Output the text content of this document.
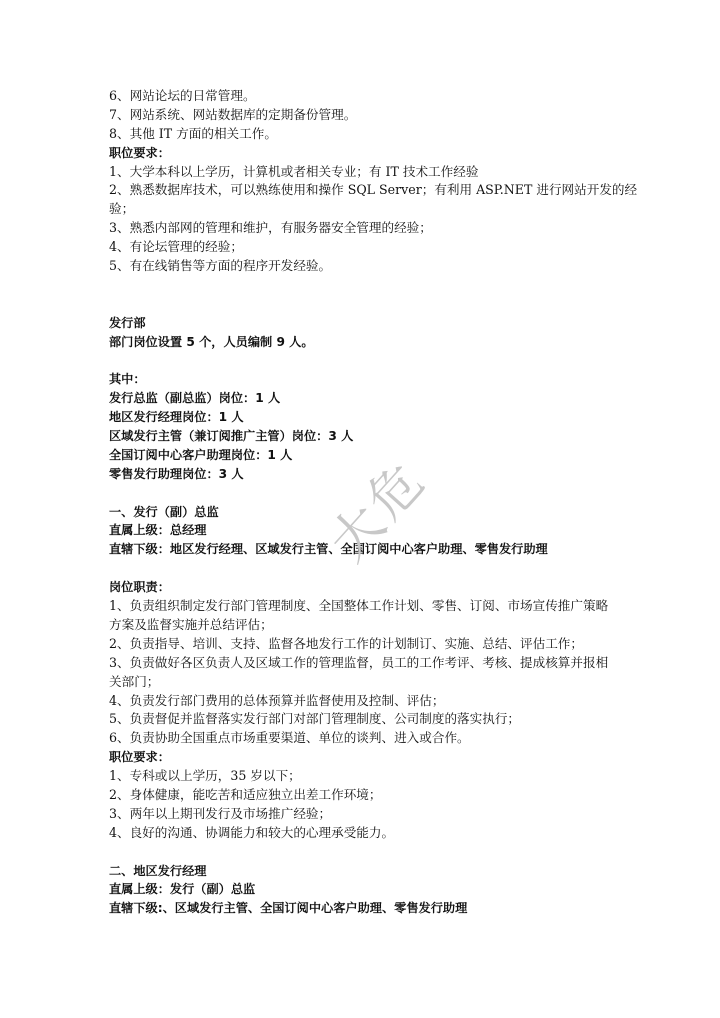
6、网站论坛的日常管理。
7、网站系统、网站数据库的定期备份管理。
8、其他 IT 方面的相关工作。
职位要求：
1、大学本科以上学历，计算机或者相关专业；有 IT 技术工作经验
2、熟悉数据库技术，可以熟练使用和操作 SQL Server；有利用 ASP.NET 进行网站开发的经
验；
3、熟悉内部网的管理和维护，有服务器安全管理的经验；
4、有论坛管理的经验；
5、有在线销售等方面的程序开发经验。
发行部
部门岗位设置 5 个，人员编制 9 人。
其中：
发行总监（副总监）岗位：1 人
地区发行经理岗位：1 人
区域发行主管（兼订阅推广主管）岗位：3 人
全国订阅中心客户助理岗位：1 人
零售发行助理岗位：3 人
一、发行（副）总监
直属上级：总经理
直辖下级：地区发行经理、区域发行主管、全国订阅中心客户助理、零售发行助理
岗位职责：
1、负责组织制定发行部门管理制度、全国整体工作计划、零售、订阅、市场宣传推广策略
方案及监督实施并总结评估；
2、负责指导、培训、支持、监督各地发行工作的计划制订、实施、总结、评估工作；
3、负责做好各区负责人及区域工作的管理监督，员工的工作考评、考核、提成核算并报相
关部门；
4、负责发行部门费用的总体预算并监督使用及控制、评估；
5、负责督促并监督落实发行部门对部门管理制度、公司制度的落实执行；
6、负责协助全国重点市场重要渠道、单位的谈判、进入或合作。
职位要求：
1、专科或以上学历，35 岁以下；
2、身体健康，能吃苦和适应独立出差工作环境；
3、两年以上期刊发行及市场推广经验；
4、良好的沟通、协调能力和较大的心理承受能力。
二、地区发行经理
直属上级：发行（副）总监
直辖下级:、区域发行主管、全国订阅中心客户助理、零售发行助理
大危
